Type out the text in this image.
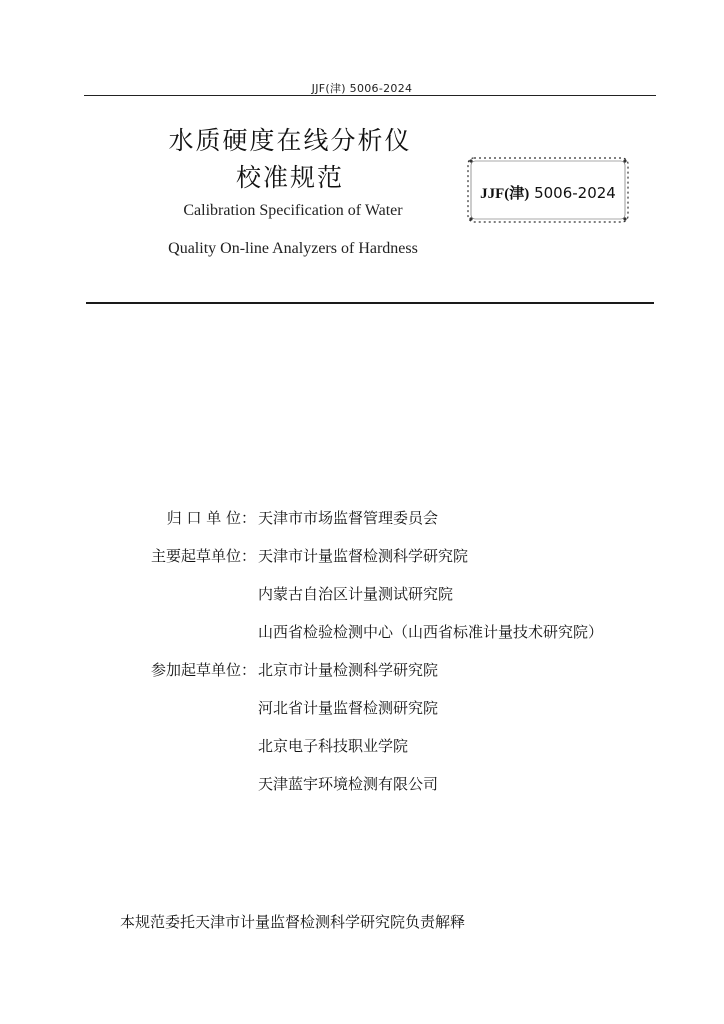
JJF(津) 5006-2024
水质硬度在线分析仪
校准规范
Calibration Specification of Water
Quality On-line Analyzers of Hardness
JJF(津) 5006-2024
归 口 单 位： 天津市市场监督管理委员会
主要起草单位： 天津市计量监督检测科学研究院
内蒙古自治区计量测试研究院
山西省检验检测中心（山西省标准计量技术研究院）
参加起草单位： 北京市计量检测科学研究院
河北省计量监督检测研究院
北京电子科技职业学院
天津蓝宇环境检测有限公司
本规范委托天津市计量监督检测科学研究院负责解释
